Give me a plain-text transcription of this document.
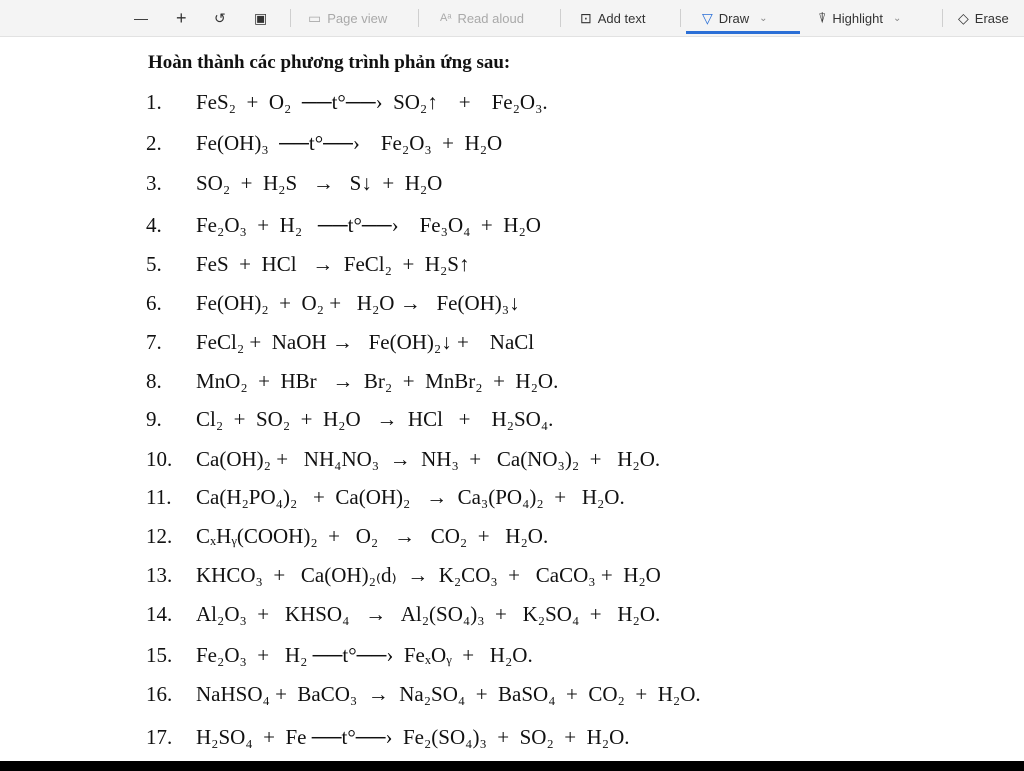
— + ↺ ▣	▭ Page view	Aᵃ Read aloud	⊡ Add text	▽ Draw ⌄	⍒ Highlight ⌄	◇ Erase
Hoàn thành các phương trình phản ứng sau:
1.	FeS₂  +  O₂  ──t°──›  SO₂↑    +    Fe₂O₃.
2.	Fe(OH)₃  ──t°──›    Fe₂O₃  +  H₂O
3.	SO₂  +  H₂S   →   S↓  +  H₂O
4.	Fe₂O₃  +  H₂   ──t°──›    Fe₃O₄  +  H₂O
5.	FeS  +  HCl   →  FeCl₂  +  H₂S↑
6.	Fe(OH)₂  +  O₂ +   H₂O →   Fe(OH)₃↓
7.	FeCl₂ +  NaOH →   Fe(OH)₂↓ +    NaCl
8.	MnO₂  +  HBr   →  Br₂  +  MnBr₂  +  H₂O.
9.	Cl₂  +  SO₂  +  H₂O   →  HCl   +    H₂SO₄.
10.	Ca(OH)₂ +   NH₄NO₃  →  NH₃  +   Ca(NO₃)₂  +   H₂O.
11.	Ca(H₂PO₄)₂   +  Ca(OH)₂   →  Ca₃(PO₄)₂  +   H₂O.
12.	CₓHᵧ(COOH)₂  +   O₂   →   CO₂  +   H₂O.
13.	KHCO₃  +   Ca(OH)₂₍d₎  →  K₂CO₃  +   CaCO₃ +  H₂O
14.	Al₂O₃  +   KHSO₄   →   Al₂(SO₄)₃  +   K₂SO₄  +   H₂O.
15.	Fe₂O₃  +   H₂ ──t°──›  FeₓOᵧ  +   H₂O.
16.	NaHSO₄ +  BaCO₃  →  Na₂SO₄  +  BaSO₄  +  CO₂  +  H₂O.
17.	H₂SO₄  +  Fe ──t°──›  Fe₂(SO₄)₃  +  SO₂  +  H₂O.
